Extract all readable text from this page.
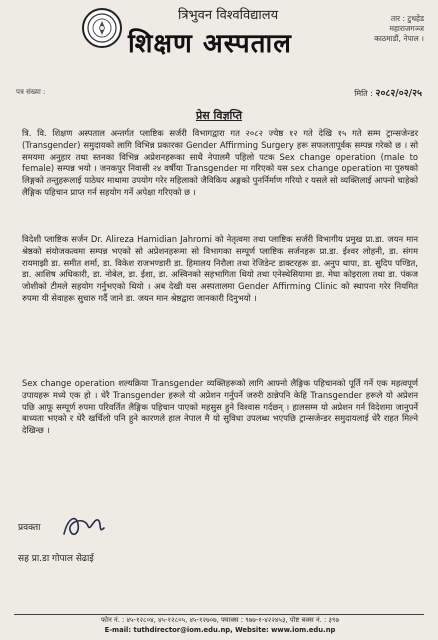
त्रिभुवन विश्वविद्यालय
शिक्षण अस्पताल
तार : टुथहेड
महाराजगञ्ज
काठमाडौं, नेपाल ।
पत्र संख्या :	मिति : २०८२/०२/२५
प्रेस विज्ञप्ति
त्रि. वि. शिक्षण अस्पताल अन्तर्गत प्लाष्टिक सर्जरी विभागद्वारा गत २०८२ ज्येष्ठ १२ गते देखि १५ गते सम्म ट्रान्सजेन्डर (Transgender) समुदायको लागि विभिन्न प्रकारका Gender Affirming Surgery हरू सफलतापूर्वक सम्पन्न गरेको छ । सो समयमा अनुहार तथा स्तनका विभिन्न अप्रेशनहरूका साथै नेपालमै पहिलो पटक Sex change operation (male to female) सम्पन्न भयो । जनकपुर निवासी २४ वर्षीया Transgender मा गरिएको यस sex change operation मा पुरुषको लिङ्गको तन्तुहरूलाई पाठेघर माथामा उपयोग गरेर महिलाको जैविकिय अङ्गको पुनर्निर्माण गरियो र यसले सो व्यक्तिलाई आफ्नो चाहेको लैङ्गिक पहिचान प्राप्त गर्न सहयोग गर्ने अपेक्षा गरिएको छ ।
विदेशी प्लाष्टिक सर्जन Dr. Alireza Hamidian Jahromi को नेतृत्वमा तथा प्लाष्टिक सर्जरी विभागीय प्रमुख प्रा.डा. जयन मान श्रेष्ठको संयोजकत्वमा सम्पन्न भएको सो अप्रेशनहरूमा सो विभागका सम्पूर्ण प्लाष्टिक सर्जनहरू प्रा.डा. ईश्वर लोहनी, डा. संगम रायमाझी डा. समीत शर्मा, डा. विकेश राजभण्डारी डा. हिमालय निरौला तथा रेजिडेन्ट डाक्टरहरू डा. अनुप थापा, डा. सुदिप पण्डित, डा. आशिष अधिकारी, डा. नोबेल, डा. ईशा, डा. अस्विनको सहभागिता थियो तथा एनेस्थेसियामा डा. मेघा कोइराला तथा डा. पंकज जोशीको टीमले सहयोग गर्नुभएको थियो । अब देखी यस अस्पतालमा Gender Affirming Clinic को स्थापना गरेर नियमित रुपमा यी सेवाहरू सुचारु गर्दै जाने डा. जयन मान श्रेष्ठद्वारा जानकारी दिनुभयो ।
Sex change operation शल्यक्रिया Transgender व्यक्तिहरूको लागि आफ्नो लैङ्गिक पहिचानको पूर्ति गर्ने एक महत्वपूर्ण उपायहरू मध्ये एक हो । धेरै Transgender हरूले यो अप्रेशन गर्नुपर्ने जरुरी ठान्नेपनि केहि Transgender हरूले यो अप्रेशन पछि आफू सम्पूर्ण रुपमा परिवर्तित लैङ्गिक पहिचान पाएको महसुस हुने विश्वास गर्दछन् । हालसम्म यो अप्रेशन गर्न विदेशमा जानुपर्ने बाध्यता भएको र धेरै खर्चिलो पनि हुने कारणले हाल नेपाल मै यो सुविधा उपलब्ध भएपछि ट्रान्सजेन्डर समुदायलाई धेरै राहत मिल्ने देखिन्छ ।
प्रवक्ता
सह प्रा.डा गोपाल सेढाई
फोन नं. : ४५-१२८०४, ४५-१२८०५, ४५-१२७०७, फ्याक्स : ९७७-१-४२२४५३, पोष्ट बक्स नं. : ३९७
E-mail: tuthdirector@iom.edu.np, Website: www.iom.edu.np
